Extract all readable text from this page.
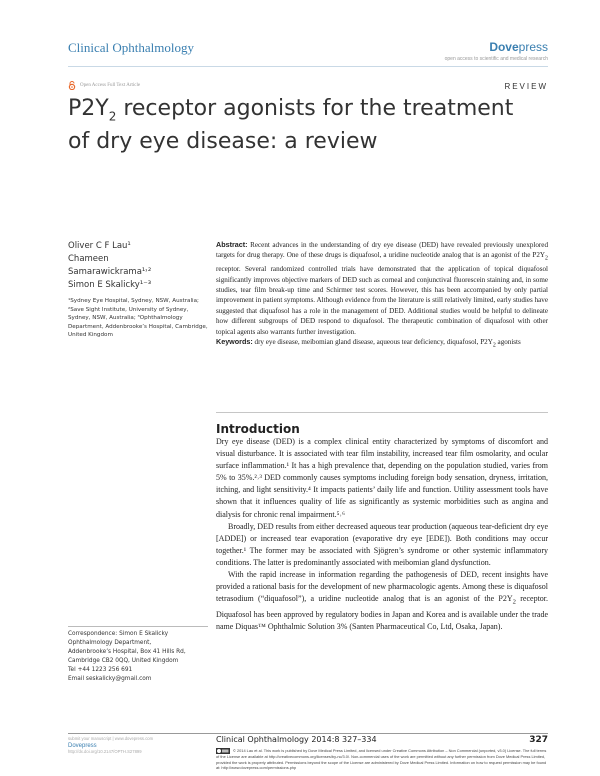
Clinical Ophthalmology	Dovepress
open access to scientific and medical research
Open Access Full Text Article	REVIEW
$P2Y_2$ receptor agonists for the treatment of dry eye disease: a review
Oliver C F Lau¹
Chameen
Samarawickrama¹˒²
Simon E Skalicky¹⁻³
¹Sydney Eye Hospital, Sydney, NSW, Australia; ²Save Sight Institute, University of Sydney, Sydney, NSW, Australia; ³Ophthalmology Department, Addenbrooke’s Hospital, Cambridge, United Kingdom
Abstract: Recent advances in the understanding of dry eye disease (DED) have revealed previously unexplored targets for drug therapy. One of these drugs is diquafosol, a uridine nucleotide analog that is an agonist of the $P2Y_2$ receptor. Several randomized controlled trials have demonstrated that the application of topical diquafosol significantly improves objective markers of DED such as corneal and conjunctival fluorescein staining and, in some studies, tear film break-up time and Schirmer test scores. However, this has been accompanied by only partial improvement in patient symptoms. Although evidence from the literature is still relatively limited, early studies have suggested that diquafosol has a role in the management of DED. Additional studies would be helpful to delineate how different subgroups of DED respond to diquafosol. The therapeutic combination of diquafosol with other topical agents also warrants further investigation.
Keywords: dry eye disease, meibomian gland disease, aqueous tear deficiency, diquafosol, $P2Y_2$ agonists
Introduction

Dry eye disease (DED) is a complex clinical entity characterized by symptoms of discomfort and visual disturbance. It is associated with tear film instability, increased tear film osmolarity, and ocular surface inflammation.¹ It has a high prevalence that, depending on the population studied, varies from 5% to 35%.²˒³ DED commonly causes symptoms including foreign body sensation, dryness, irritation, itching, and light sensitivity.⁴ It impacts patients’ daily life and function. Utility assessment tools have shown that it influences quality of life as significantly as systemic morbidities such as angina and dialysis for chronic renal impairment.⁵˒⁶

Broadly, DED results from either decreased aqueous tear production (aqueous tear-deficient dry eye [ADDE]) or increased tear evaporation (evaporative dry eye [EDE]). Both conditions may occur together.¹ The former may be associated with Sjögren’s syndrome or other systemic inflammatory conditions. The latter is predominantly associated with meibomian gland dysfunction.

With the rapid increase in information regarding the pathogenesis of DED, recent insights have provided a rational basis for the development of new pharmacologic agents. Among these is diquafosol tetrasodium (“diquafosol”), a uridine nucleotide analog that is an agonist of the $P2Y_2$ receptor. Diquafosol has been approved by regulatory bodies in Japan and Korea and is available under the trade name Diquas™ Ophthalmic Solution 3% (Santen Pharmaceutical Co, Ltd, Osaka, Japan).

Correspondence: Simon E Skalicky
Ophthalmology Department,
Addenbrooke’s Hospital, Box 41 Hills Rd,
Cambridge CB2 0QQ, United Kingdom
Tel +44 1223 256 691
Email seskalicky@gmail.com
submit your manuscript | www.dovepress.com
Dovepress
http://dx.doi.org/10.2147/OPTH.S27899
Clinical Ophthalmology 2014:8 327–334	327
© 2014 Lau et al. This work is published by Dove Medical Press Limited, and licensed under Creative Commons Attribution – Non Commercial (unported, v3.0) License. The full terms of the License are available at http://creativecommons.org/licenses/by-nc/3.0/. Non-commercial uses of the work are permitted without any further permission from Dove Medical Press Limited, provided the work is properly attributed. Permissions beyond the scope of the License are administered by Dove Medical Press Limited. Information on how to request permission may be found at: http://www.dovepress.com/permissions.php
